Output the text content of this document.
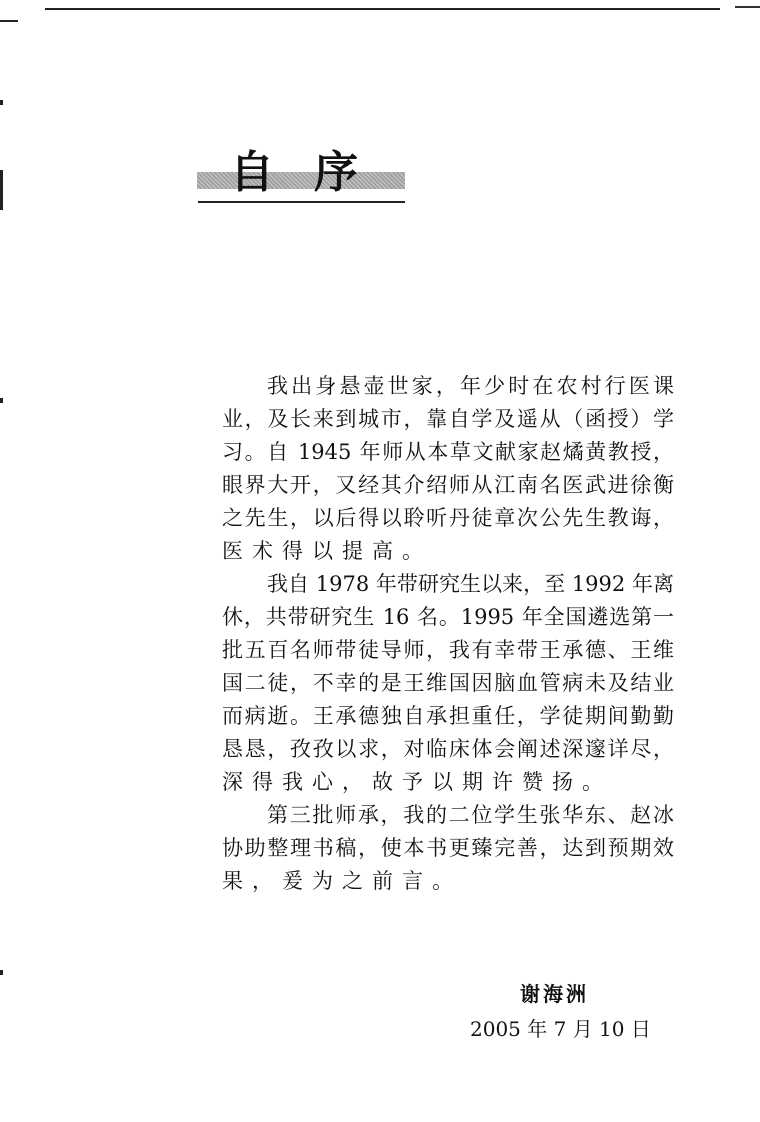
自序
我出身悬壶世家，年少时在农村行医课
业，及长来到城市，靠自学及遥从（函授）学
习。自 1945 年师从本草文献家赵燏黄教授，
眼界大开，又经其介绍师从江南名医武进徐衡
之先生，以后得以聆听丹徒章次公先生教诲，
医术得以提高。
我自 1978 年带研究生以来，至 1992 年离
休，共带研究生 16 名。1995 年全国遴选第一
批五百名师带徒导师，我有幸带王承德、王维
国二徒，不幸的是王维国因脑血管病未及结业
而病逝。王承德独自承担重任，学徒期间勤勤
恳恳，孜孜以求，对临床体会阐述深邃详尽，
深得我心，故予以期许赞扬。
第三批师承，我的二位学生张华东、赵冰
协助整理书稿，使本书更臻完善，达到预期效
果，爰为之前言。
谢海洲
2005 年 7 月 10 日
